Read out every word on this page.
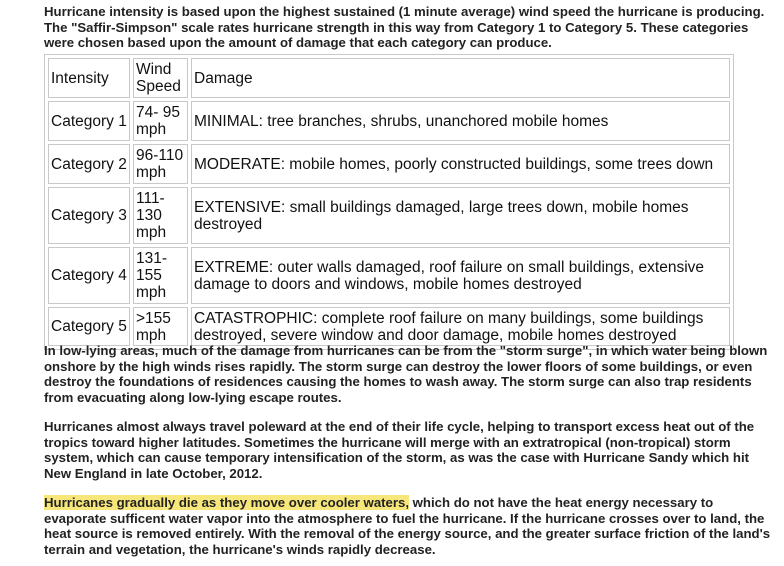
Hurricane intensity is based upon the highest sustained (1 minute average) wind speed the hurricane is producing. The "Saffir-Simpson" scale rates hurricane strength in this way from Category 1 to Category 5. These categories were chosen based upon the amount of damage that each category can produce.

Intensity	Wind Speed	Damage
Category 1	74- 95 mph	MINIMAL: tree branches, shrubs, unanchored mobile homes
Category 2	96-110 mph	MODERATE: mobile homes, poorly constructed buildings, some trees down
Category 3	111- 130 mph	EXTENSIVE: small buildings damaged, large trees down, mobile homes destroyed
Category 4	131- 155 mph	EXTREME: outer walls damaged, roof failure on small buildings, extensive damage to doors and windows, mobile homes destroyed
Category 5	>155 mph	CATASTROPHIC: complete roof failure on many buildings, some buildings destroyed, severe window and door damage, mobile homes destroyed

In low-lying areas, much of the damage from hurricanes can be from the "storm surge", in which water being blown onshore by the high winds rises rapidly. The storm surge can destroy the lower floors of some buildings, or even destroy the foundations of residences causing the homes to wash away. The storm surge can also trap residents from evacuating along low-lying escape routes.

Hurricanes almost always travel poleward at the end of their life cycle, helping to transport excess heat out of the tropics toward higher latitudes. Sometimes the hurricane will merge with an extratropical (non-tropical) storm system, which can cause temporary intensification of the storm, as was the case with Hurricane Sandy which hit New England in late October, 2012.

Hurricanes gradually die as they move over cooler waters, which do not have the heat energy necessary to evaporate sufficent water vapor into the atmosphere to fuel the hurricane. If the hurricane crosses over to land, the heat source is removed entirely. With the removal of the energy source, and the greater surface friction of the land's terrain and vegetation, the hurricane's winds rapidly decrease.
